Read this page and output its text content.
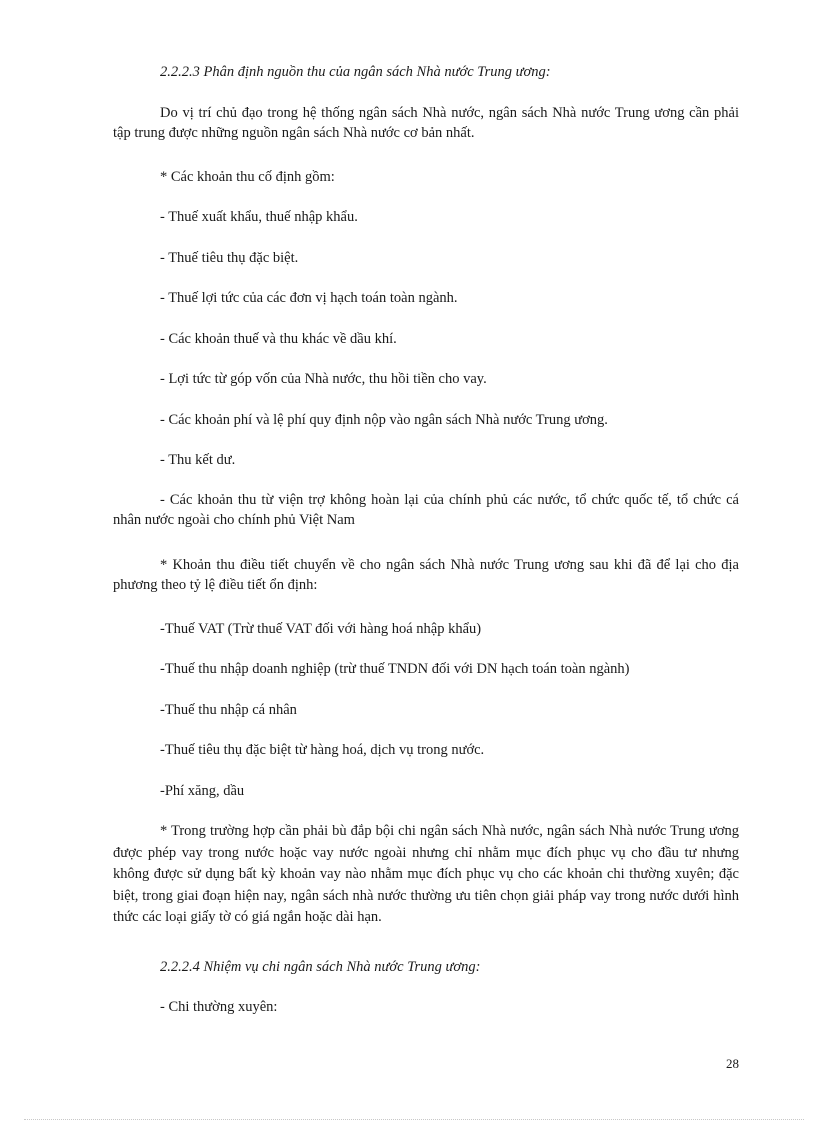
2.2.2.3 Phân định nguồn thu của ngân sách Nhà nước Trung ương:
Do vị trí chủ đạo trong hệ thống ngân sách Nhà nước, ngân sách Nhà nước Trung ương cần phải tập trung được những nguồn ngân sách Nhà nước cơ bản nhất.
* Các khoản thu cố định gồm:
- Thuế xuất khẩu, thuế nhập khẩu.
- Thuế tiêu thụ đặc biệt.
- Thuế lợi tức của các đơn vị hạch toán toàn ngành.
- Các khoản thuế và thu khác về dầu khí.
- Lợi tức từ góp vốn của Nhà nước, thu hồi tiền cho vay.
- Các khoản phí và lệ phí quy định nộp vào ngân sách Nhà nước Trung ương.
- Thu kết dư.
- Các khoản thu từ viện trợ không hoàn lại của chính phủ các nước, tổ chức quốc tế, tổ chức cá nhân nước ngoài cho chính phủ Việt Nam
* Khoản thu điều tiết chuyển về cho ngân sách Nhà nước Trung ương sau khi đã để lại cho địa phương theo tỷ lệ điều tiết ổn định:
-Thuế VAT (Trừ thuế VAT đối với hàng hoá nhập khẩu)
-Thuế thu nhập doanh nghiệp (trừ thuế TNDN đối với DN hạch toán toàn ngành)
-Thuế thu nhập cá nhân
-Thuế tiêu thụ đặc biệt từ hàng hoá, dịch vụ trong nước.
-Phí xăng, dầu
* Trong trường hợp cần phải bù đắp bội chi ngân sách Nhà nước, ngân sách Nhà nước Trung ương được phép vay trong nước hoặc vay nước ngoài nhưng chỉ nhằm mục đích phục vụ cho đầu tư nhưng không được sử dụng bất kỳ khoản vay nào nhằm mục đích phục vụ cho các khoản chi thường xuyên; đặc biệt, trong giai đoạn hiện nay, ngân sách nhà nước thường ưu tiên chọn giải pháp vay trong nước dưới hình thức các loại giấy tờ có giá ngắn hoặc dài hạn.
2.2.2.4 Nhiệm vụ chi ngân sách Nhà nước Trung ương:
- Chi thường xuyên:
28
